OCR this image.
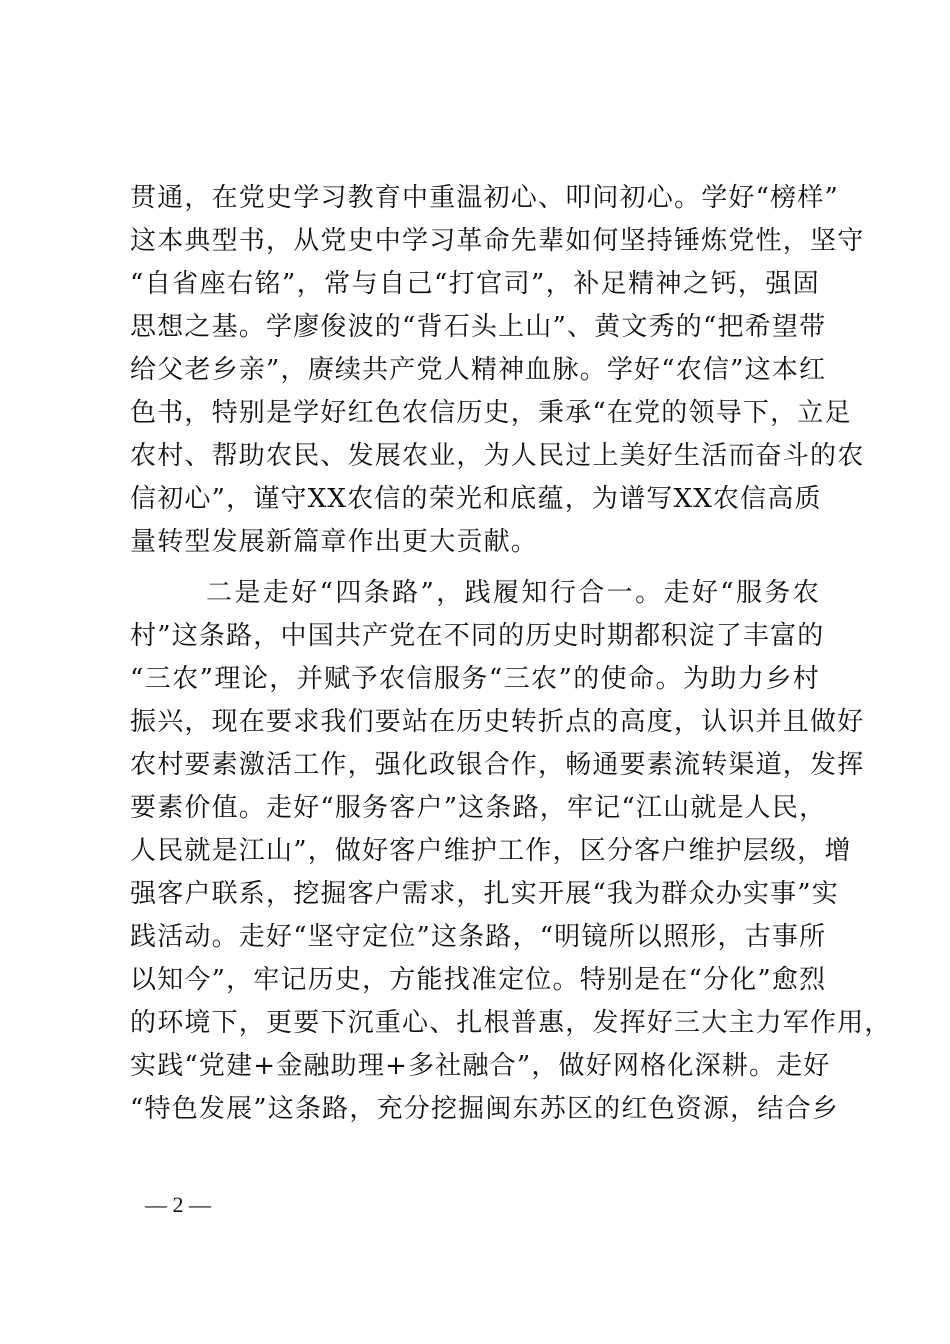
贯通，在党史学习教育中重温初心、叩问初心。学好“榜样”
这本典型书，从党史中学习革命先辈如何坚持锤炼党性，坚守
“自省座右铭”，常与自己“打官司”，补足精神之钙，强固
思想之基。学廖俊波的“背石头上山”、黄文秀的“把希望带
给父老乡亲”，赓续共产党人精神血脉。学好“农信”这本红
色书，特别是学好红色农信历史，秉承“在党的领导下，立足
农村、帮助农民、发展农业，为人民过上美好生活而奋斗的农
信初心”，谨守XX农信的荣光和底蕴，为谱写XX农信高质
量转型发展新篇章作出更大贡献。
二是走好“四条路”，践履知行合一。走好“服务农
村”这条路，中国共产党在不同的历史时期都积淀了丰富的
“三农”理论，并赋予农信服务“三农”的使命。为助力乡村
振兴，现在要求我们要站在历史转折点的高度，认识并且做好
农村要素激活工作，强化政银合作，畅通要素流转渠道，发挥
要素价值。走好“服务客户”这条路，牢记“江山就是人民，
人民就是江山”，做好客户维护工作，区分客户维护层级，增
强客户联系，挖掘客户需求，扎实开展“我为群众办实事”实
践活动。走好“坚守定位”这条路，“明镜所以照形，古事所
以知今”，牢记历史，方能找准定位。特别是在“分化”愈烈
的环境下，更要下沉重心、扎根普惠，发挥好三大主力军作用，
实践“党建+金融助理+多社融合”，做好网格化深耕。走好
“特色发展”这条路，充分挖掘闽东苏区的红色资源，结合乡
— 2 —
